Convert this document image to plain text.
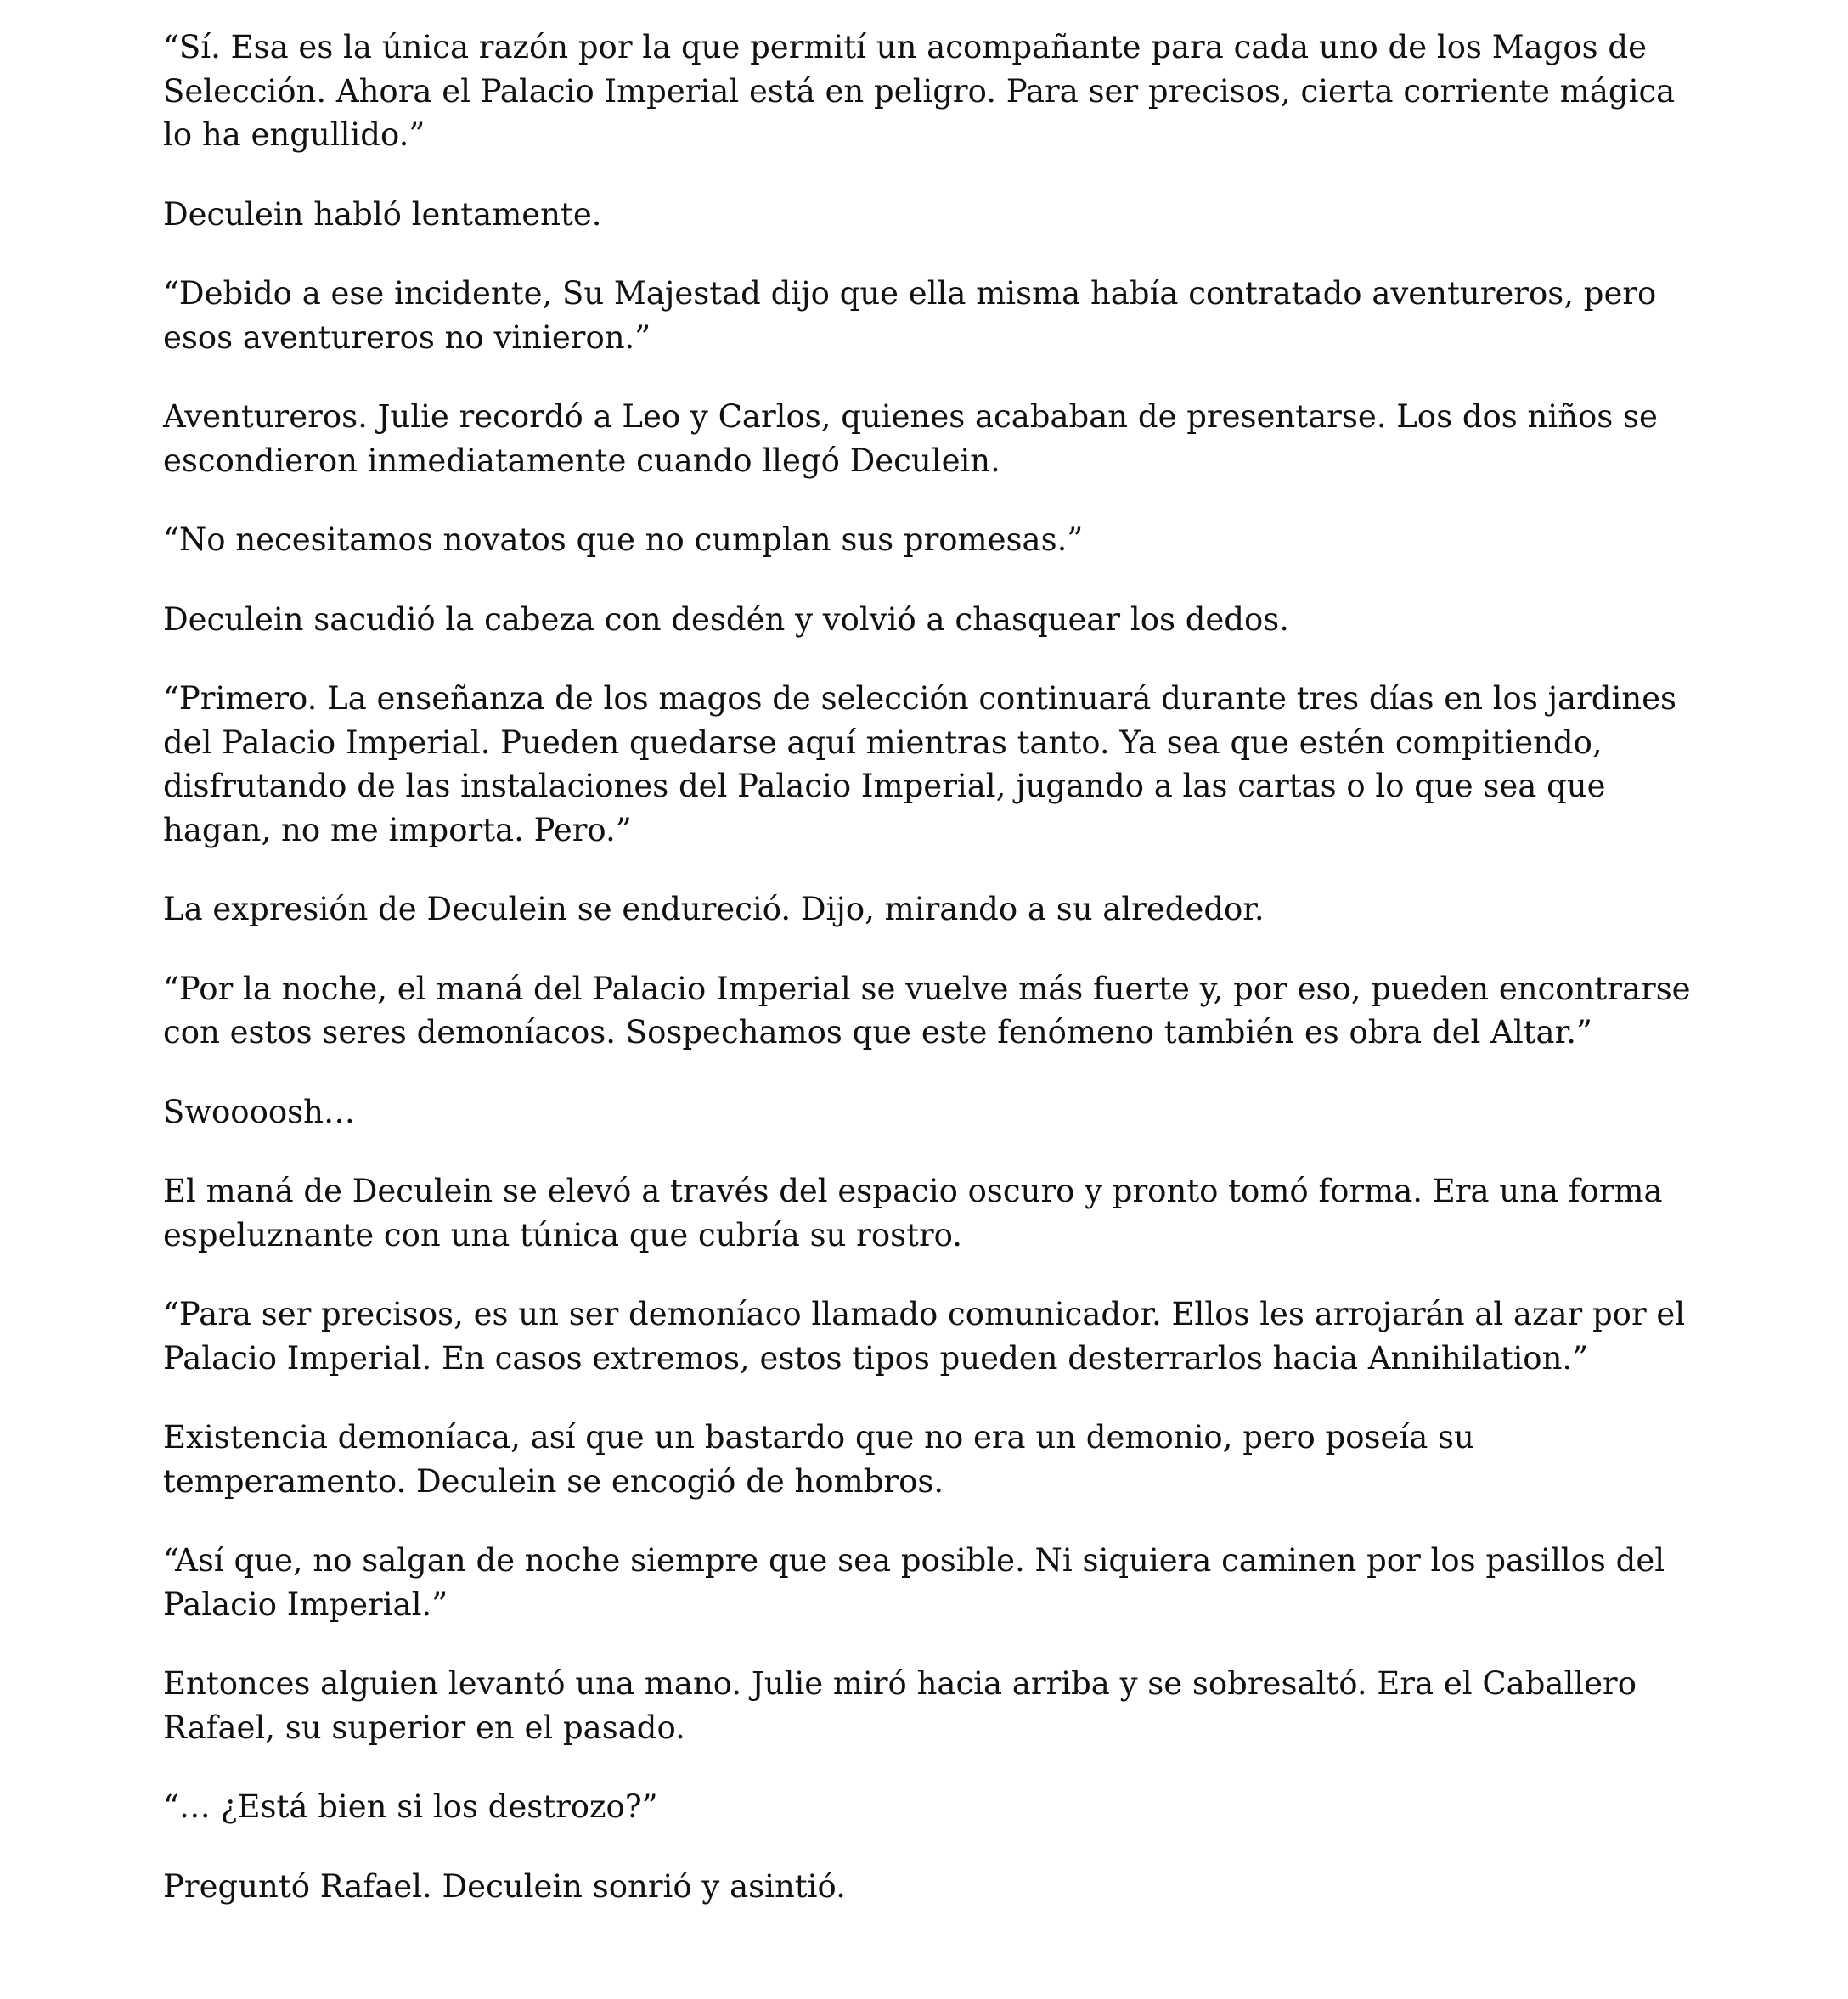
“Sí. Esa es la única razón por la que permití un acompañante para cada uno de los Magos de Selección. Ahora el Palacio Imperial está en peligro. Para ser precisos, cierta corriente mágica lo ha engullido.”

Deculein habló lentamente.

“Debido a ese incidente, Su Majestad dijo que ella misma había contratado aventureros, pero esos aventureros no vinieron.”

Aventureros. Julie recordó a Leo y Carlos, quienes acababan de presentarse. Los dos niños se escondieron inmediatamente cuando llegó Deculein.

“No necesitamos novatos que no cumplan sus promesas.”

Deculein sacudió la cabeza con desdén y volvió a chasquear los dedos.

“Primero. La enseñanza de los magos de selección continuará durante tres días en los jardines del Palacio Imperial. Pueden quedarse aquí mientras tanto. Ya sea que estén compitiendo, disfrutando de las instalaciones del Palacio Imperial, jugando a las cartas o lo que sea que hagan, no me importa. Pero.”

La expresión de Deculein se endureció. Dijo, mirando a su alrededor.

“Por la noche, el maná del Palacio Imperial se vuelve más fuerte y, por eso, pueden encontrarse con estos seres demoníacos. Sospechamos que este fenómeno también es obra del Altar.”

Swoooosh…

El maná de Deculein se elevó a través del espacio oscuro y pronto tomó forma. Era una forma espeluznante con una túnica que cubría su rostro.

“Para ser precisos, es un ser demoníaco llamado comunicador. Ellos les arrojarán al azar por el Palacio Imperial. En casos extremos, estos tipos pueden desterrarlos hacia Annihilation.”

Existencia demoníaca, así que un bastardo que no era un demonio, pero poseía su temperamento. Deculein se encogió de hombros.

“Así que, no salgan de noche siempre que sea posible. Ni siquiera caminen por los pasillos del Palacio Imperial.”

Entonces alguien levantó una mano. Julie miró hacia arriba y se sobresaltó. Era el Caballero Rafael, su superior en el pasado.

“… ¿Está bien si los destrozo?”

Preguntó Rafael. Deculein sonrió y asintió.
